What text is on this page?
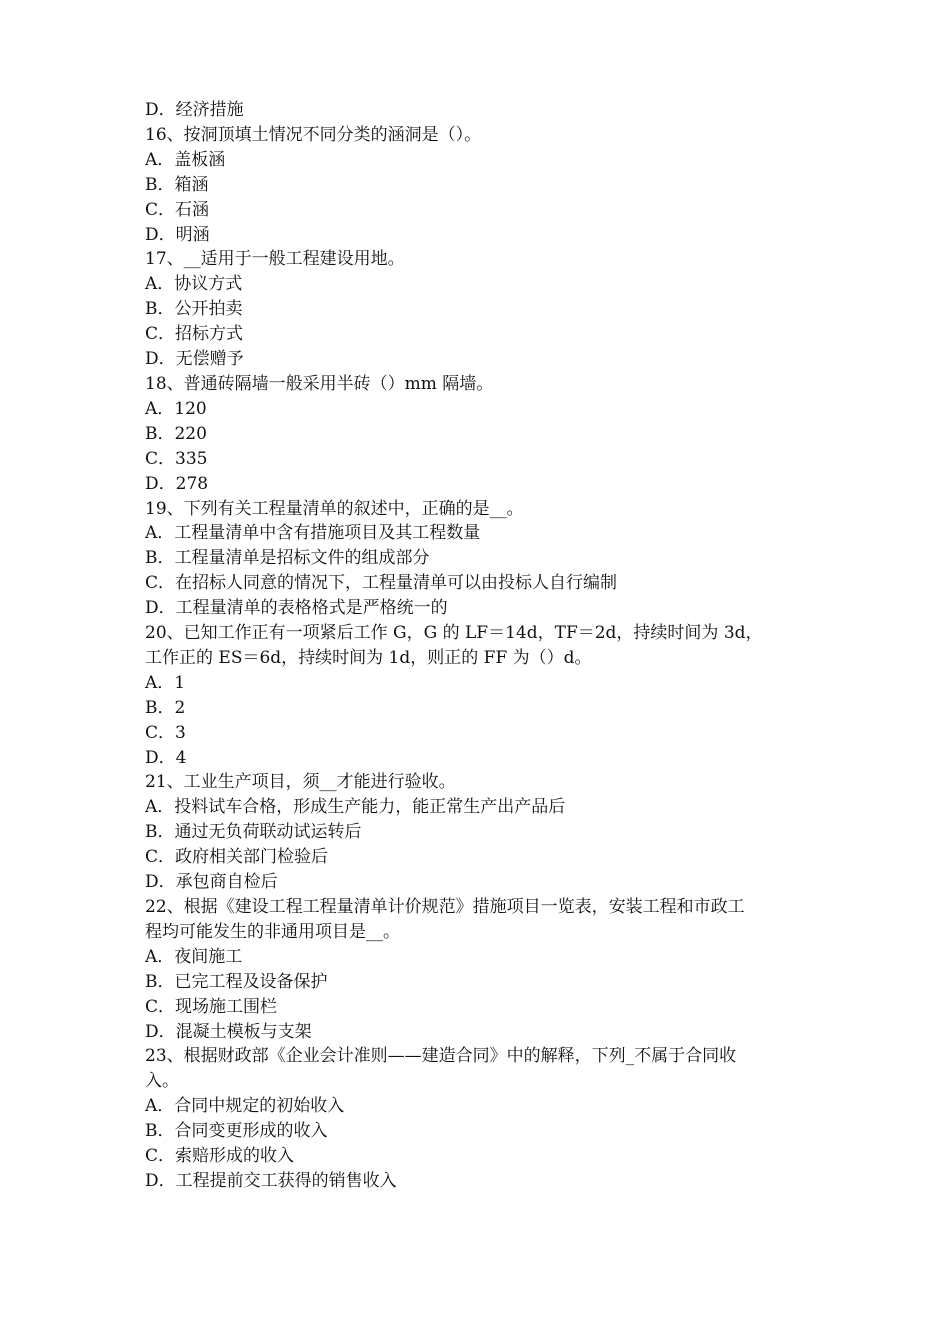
D．经济措施

16、按洞顶填土情况不同分类的涵洞是（）。

A．盖板涵

B．箱涵

C．石涵

D．明涵

17、__适用于一般工程建设用地。

A．协议方式

B．公开拍卖

C．招标方式

D．无偿赠予

18、普通砖隔墙一般采用半砖（）mm 隔墙。

A．120

B．220

C．335

D．278

19、下列有关工程量清单的叙述中，正确的是__。

A．工程量清单中含有措施项目及其工程数量

B．工程量清单是招标文件的组成部分

C．在招标人同意的情况下，工程量清单可以由投标人自行编制

D．工程量清单的表格格式是严格统一的

20、已知工作正有一项紧后工作 G，G 的 LF＝14d，TF＝2d，持续时间为 3d，

工作正的 ES＝6d，持续时间为 1d，则正的 FF 为（）d。

A．1

B．2

C．3

D．4

21、工业生产项目，须__才能进行验收。

A．投料试车合格，形成生产能力，能正常生产出产品后

B．通过无负荷联动试运转后

C．政府相关部门检验后

D．承包商自检后

22、根据《建设工程工程量清单计价规范》措施项目一览表，安装工程和市政工

程均可能发生的非通用项目是__。

A．夜间施工

B．已完工程及设备保护

C．现场施工围栏

D．混凝土模板与支架

23、根据财政部《企业会计准则——建造合同》中的解释，下列_不属于合同收

入。

A．合同中规定的初始收入

B．合同变更形成的收入

C．索赔形成的收入

D．工程提前交工获得的销售收入
